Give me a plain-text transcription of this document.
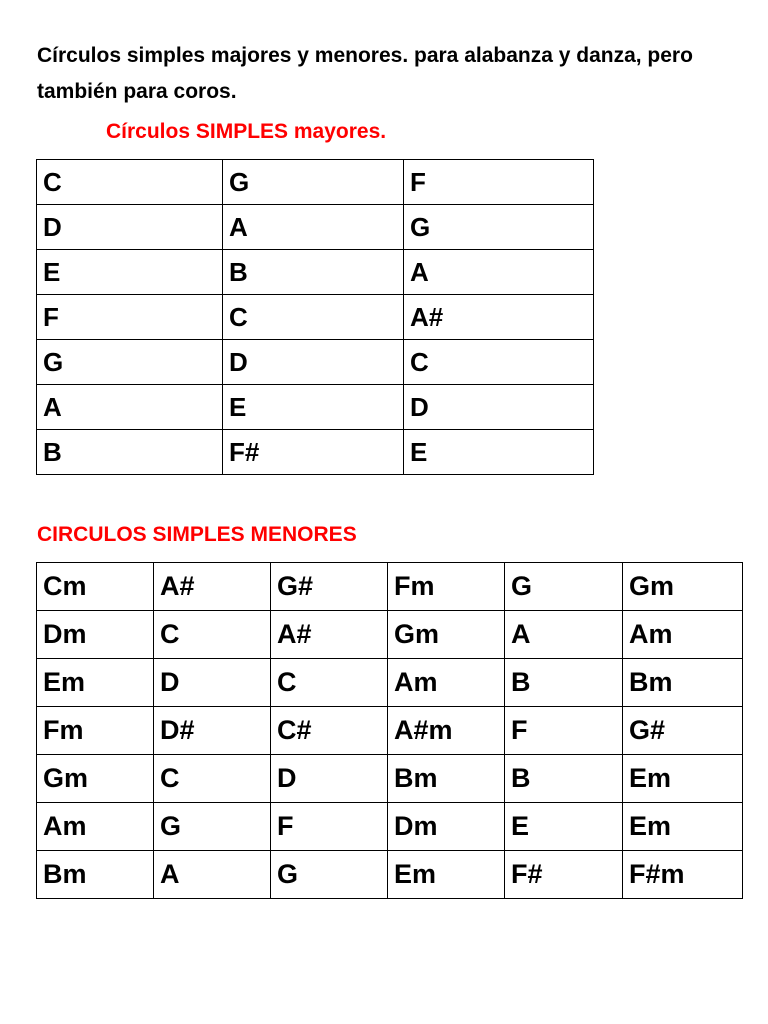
Círculos simples majores y menores. para alabanza y danza, pero también para coros.

Círculos SIMPLES mayores.

C	G	F
D	A	G
E	B	A
F	C	A#
G	D	C
A	E	D
B	F#	E

CIRCULOS SIMPLES MENORES

Cm	A#	G#	Fm	G	Gm
Dm	C	A#	Gm	A	Am
Em	D	C	Am	B	Bm
Fm	D#	C#	A#m	F	G#
Gm	C	D	Bm	B	Em
Am	G	F	Dm	E	Em
Bm	A	G	Em	F#	F#m
